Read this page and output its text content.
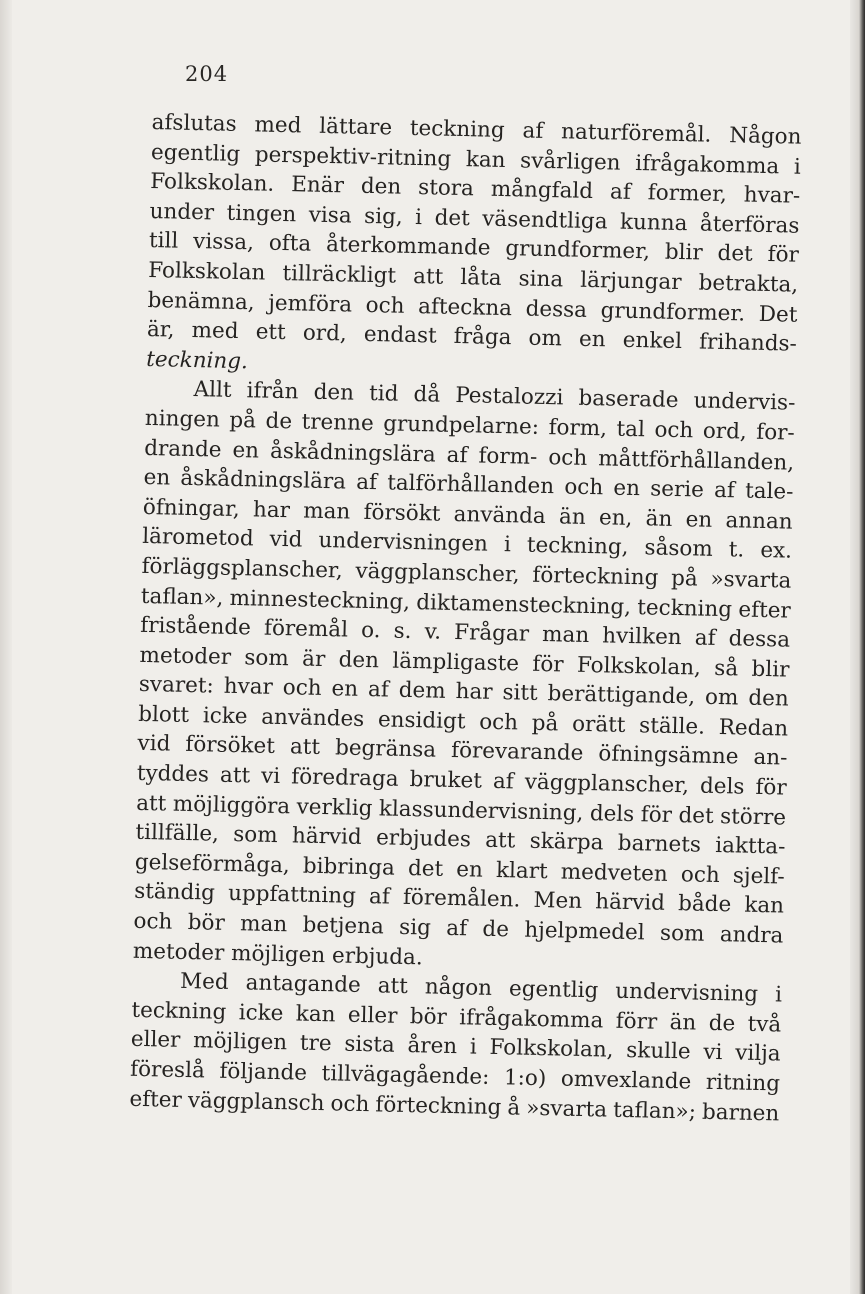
204
afslutas med lättare teckning af naturföremål. Någon
egentlig perspektiv-ritning kan svårligen ifrågakomma i
Folkskolan. Enär den stora mångfald af former, hvar-
under tingen visa sig, i det väsendtliga kunna återföras
till vissa, ofta återkommande grundformer, blir det för
Folkskolan tillräckligt att låta sina lärjungar betrakta,
benämna, jemföra och afteckna dessa grundformer. Det
är, med ett ord, endast fråga om en enkel frihands-
teckning.
Allt ifrån den tid då Pestalozzi baserade undervis-
ningen på de trenne grundpelarne: form, tal och ord, for-
drande en åskådningslära af form- och måttförhållanden,
en åskådningslära af talförhållanden och en serie af tale-
öfningar, har man försökt använda än en, än en annan
lärometod vid undervisningen i teckning, såsom t. ex.
förläggsplanscher, väggplanscher, förteckning på »svarta
taflan», minnesteckning, diktamensteckning, teckning efter
fristående föremål o. s. v. Frågar man hvilken af dessa
metoder som är den lämpligaste för Folkskolan, så blir
svaret: hvar och en af dem har sitt berättigande, om den
blott icke användes ensidigt och på orätt ställe. Redan
vid försöket att begränsa förevarande öfningsämne an-
tyddes att vi föredraga bruket af väggplanscher, dels för
att möjliggöra verklig klassundervisning, dels för det större
tillfälle, som härvid erbjudes att skärpa barnets iaktta-
gelseförmåga, bibringa det en klart medveten och sjelf-
ständig uppfattning af föremålen. Men härvid både kan
och bör man betjena sig af de hjelpmedel som andra
metoder möjligen erbjuda.
Med antagande att någon egentlig undervisning i
teckning icke kan eller bör ifrågakomma förr än de två
eller möjligen tre sista åren i Folkskolan, skulle vi vilja
föreslå följande tillvägagående: 1:o) omvexlande ritning
efter väggplansch och förteckning å »svarta taflan»; barnen
